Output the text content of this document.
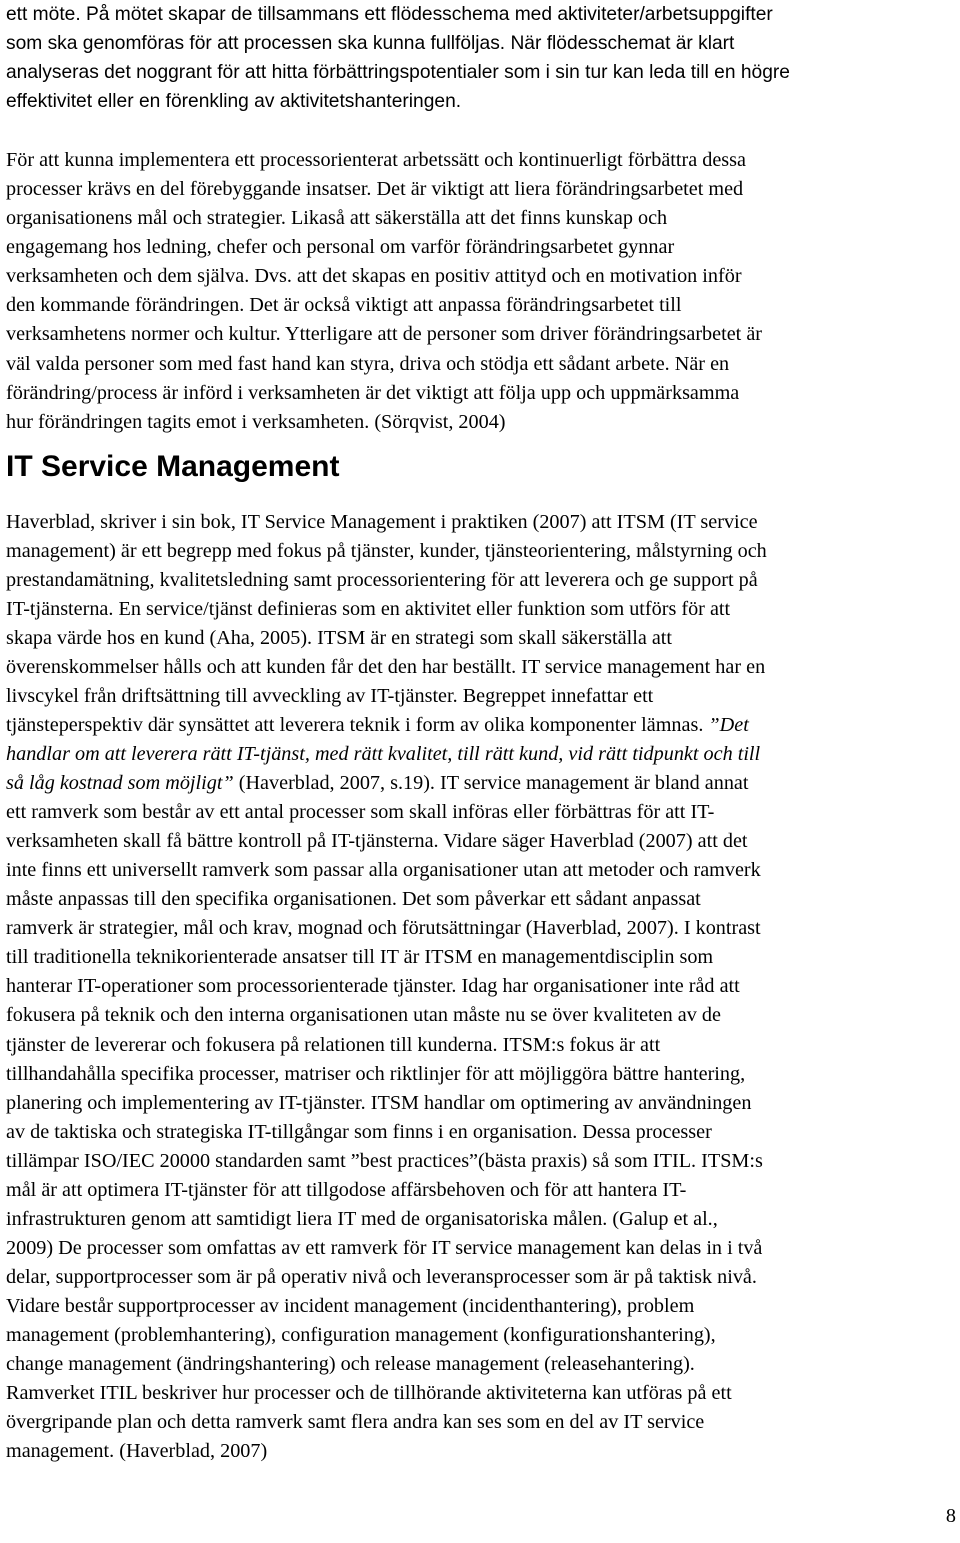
ett möte. På mötet skapar de tillsammans ett flödesschema med aktiviteter/arbetsuppgifter
som ska genomföras för att processen ska kunna fullföljas. När flödesschemat är klart
analyseras det noggrant för att hitta förbättringspotentialer som i sin tur kan leda till en högre
effektivitet eller en förenkling av aktivitetshanteringen.
För att kunna implementera ett processorienterat arbetssätt och kontinuerligt förbättra dessa
processer krävs en del förebyggande insatser. Det är viktigt att liera förändringsarbetet med
organisationens mål och strategier. Likaså att säkerställa att det finns kunskap och
engagemang hos ledning, chefer och personal om varför förändringsarbetet gynnar
verksamheten och dem själva. Dvs. att det skapas en positiv attityd och en motivation inför
den kommande förändringen. Det är också viktigt att anpassa förändringsarbetet till
verksamhetens normer och kultur. Ytterligare att de personer som driver förändringsarbetet är
väl valda personer som med fast hand kan styra, driva och stödja ett sådant arbete. När en
förändring/process är införd i verksamheten är det viktigt att följa upp och uppmärksamma
hur förändringen tagits emot i verksamheten. (Sörqvist, 2004)
IT Service Management
Haverblad, skriver i sin bok, IT Service Management i praktiken (2007) att ITSM (IT service
management) är ett begrepp med fokus på tjänster, kunder, tjänsteorientering, målstyrning och
prestandamätning, kvalitetsledning samt processorientering för att leverera och ge support på
IT-tjänsterna. En service/tjänst definieras som en aktivitet eller funktion som utförs för att
skapa värde hos en kund (Aha, 2005). ITSM är en strategi som skall säkerställa att
överenskommelser hålls och att kunden får det den har beställt. IT service management har en
livscykel från driftsättning till avveckling av IT-tjänster. Begreppet innefattar ett
tjänsteperspektiv där synsättet att leverera teknik i form av olika komponenter lämnas. ”Det
handlar om att leverera rätt IT-tjänst, med rätt kvalitet, till rätt kund, vid rätt tidpunkt och till
så låg kostnad som möjligt” (Haverblad, 2007, s.19). IT service management är bland annat
ett ramverk som består av ett antal processer som skall införas eller förbättras för att IT-
verksamheten skall få bättre kontroll på IT-tjänsterna. Vidare säger Haverblad (2007) att det
inte finns ett universellt ramverk som passar alla organisationer utan att metoder och ramverk
måste anpassas till den specifika organisationen. Det som påverkar ett sådant anpassat
ramverk är strategier, mål och krav, mognad och förutsättningar (Haverblad, 2007). I kontrast
till traditionella teknikorienterade ansatser till IT är ITSM en managementdisciplin som
hanterar IT-operationer som processorienterade tjänster. Idag har organisationer inte råd att
fokusera på teknik och den interna organisationen utan måste nu se över kvaliteten av de
tjänster de levererar och fokusera på relationen till kunderna. ITSM:s fokus är att
tillhandahålla specifika processer, matriser och riktlinjer för att möjliggöra bättre hantering,
planering och implementering av IT-tjänster. ITSM handlar om optimering av användningen
av de taktiska och strategiska IT-tillgångar som finns i en organisation. Dessa processer
tillämpar ISO/IEC 20000 standarden samt ”best practices”(bästa praxis) så som ITIL. ITSM:s
mål är att optimera IT-tjänster för att tillgodose affärsbehoven och för att hantera IT-
infrastrukturen genom att samtidigt liera IT med de organisatoriska målen. (Galup et al.,
2009) De processer som omfattas av ett ramverk för IT service management kan delas in i två
delar, supportprocesser som är på operativ nivå och leveransprocesser som är på taktisk nivå.
Vidare består supportprocesser av incident management (incidenthantering), problem
management (problemhantering), configuration management (konfigurationshantering),
change management (ändringshantering) och release management (releasehantering).
Ramverket ITIL beskriver hur processer och de tillhörande aktiviteterna kan utföras på ett
övergripande plan och detta ramverk samt flera andra kan ses som en del av IT service
management. (Haverblad, 2007)
8
